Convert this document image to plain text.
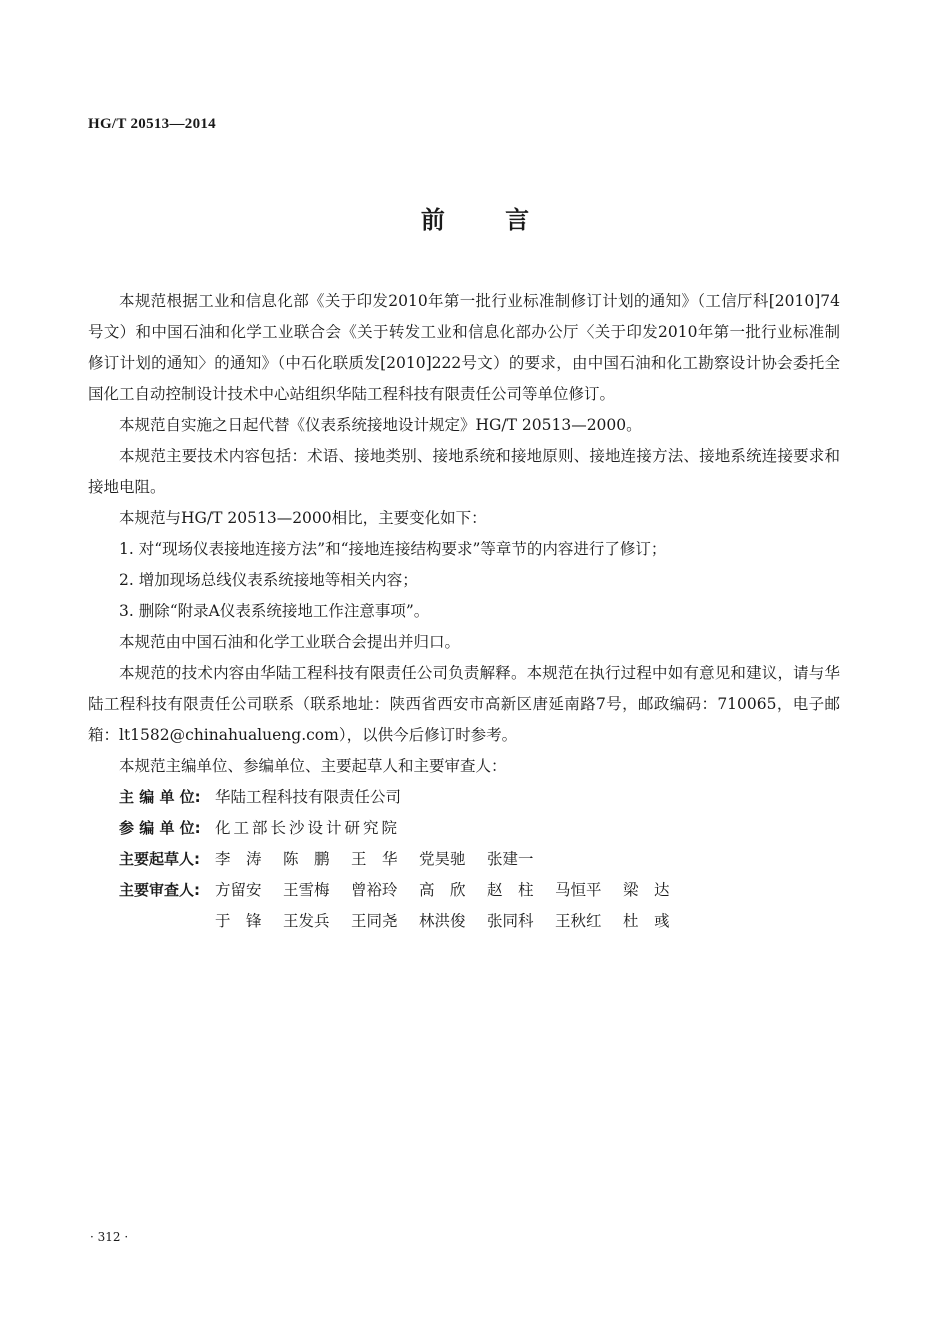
HG/T 20513—2014
前	言

本规范根据工业和信息化部《关于印发2010年第一批行业标准制修订计划的通知》（工信厅科[2010]74号文）和中国石油和化学工业联合会《关于转发工业和信息化部办公厅〈关于印发2010年第一批行业标准制修订计划的通知〉的通知》（中石化联质发[2010]222号文）的要求，由中国石油和化工勘察设计协会委托全国化工自动控制设计技术中心站组织华陆工程科技有限责任公司等单位修订。

本规范自实施之日起代替《仪表系统接地设计规定》HG/T 20513—2000。

本规范主要技术内容包括：术语、接地类别、接地系统和接地原则、接地连接方法、接地系统连接要求和接地电阻。

本规范与HG/T 20513—2000相比，主要变化如下：

1. 对“现场仪表接地连接方法”和“接地连接结构要求”等章节的内容进行了修订；

2. 增加现场总线仪表系统接地等相关内容；

3. 删除“附录A仪表系统接地工作注意事项”。

本规范由中国石油和化学工业联合会提出并归口。

本规范的技术内容由华陆工程科技有限责任公司负责解释。本规范在执行过程中如有意见和建议，请与华陆工程科技有限责任公司联系（联系地址：陕西省西安市高新区唐延南路7号，邮政编码：710065，电子邮箱：lt1582@chinahualueng.com），以供今后修订时参考。

本规范主编单位、参编单位、主要起草人和主要审查人：

主 编 单 位: 华陆工程科技有限责任公司
参 编 单 位: 化工部长沙设计研究院
主要起草人: 李　涛	陈　鹏	王　华	党昊驰	张建一
主要审查人: 方留安	王雪梅	曾裕玲	高　欣	赵　柱	马恒平	梁　达
于　锋	王发兵	王同尧	林洪俊	张同科	王秋红	杜　彧
· 312 ·
